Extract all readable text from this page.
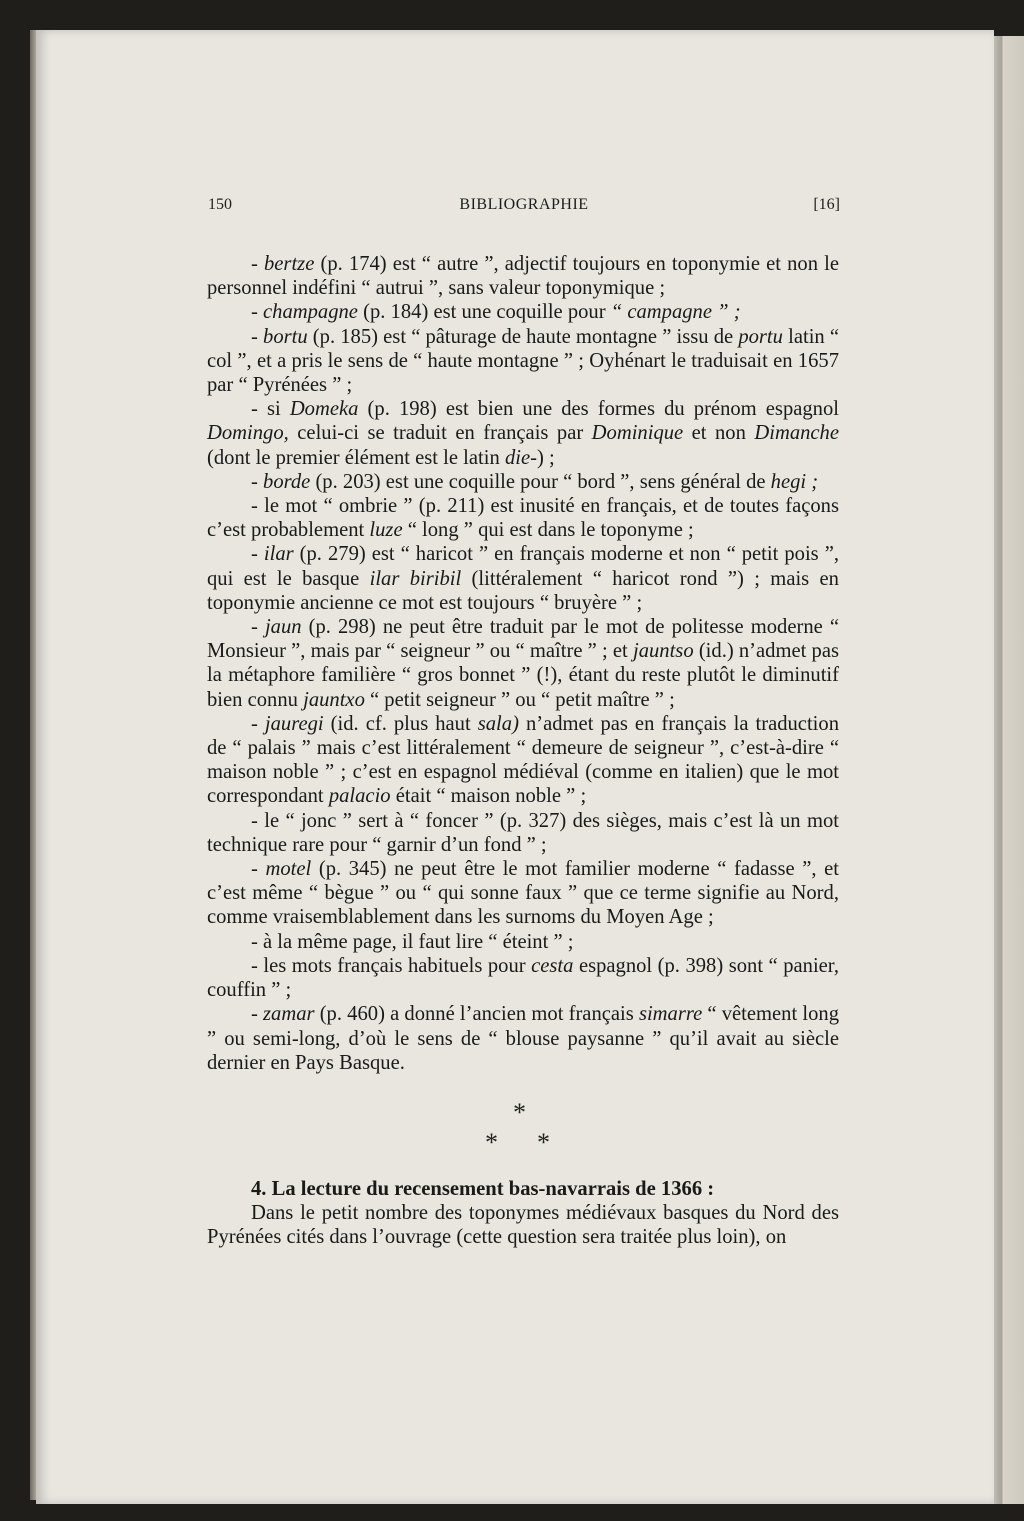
150	BIBLIOGRAPHIE	[16]

- bertze (p. 174) est “ autre ”, adjectif toujours en toponymie et non le personnel indéfini “ autrui ”, sans valeur toponymique ;

- champagne (p. 184) est une coquille pour “ campagne ” ;

- bortu (p. 185) est “ pâturage de haute montagne ” issu de portu latin “ col ”, et a pris le sens de “ haute montagne ” ; Oyhénart le traduisait en 1657 par “ Pyrénées ” ;

- si Domeka (p. 198) est bien une des formes du prénom espagnol Domingo, celui-ci se traduit en français par Dominique et non Dimanche (dont le premier élément est le latin die-) ;

- borde (p. 203) est une coquille pour “ bord ”, sens général de hegi ;

- le mot “ ombrie ” (p. 211) est inusité en français, et de toutes façons c’est probablement luze “ long ” qui est dans le toponyme ;

- ilar (p. 279) est “ haricot ” en français moderne et non “ petit pois ”, qui est le basque ilar biribil (littéralement “ haricot rond ”) ; mais en toponymie ancienne ce mot est toujours “ bruyère ” ;

- jaun (p. 298) ne peut être traduit par le mot de politesse moderne “ Monsieur ”, mais par “ seigneur ” ou “ maître ” ; et jauntso (id.) n’admet pas la métaphore familière “ gros bonnet ” (!), étant du reste plutôt le diminutif bien connu jauntxo “ petit seigneur ” ou “ petit maître ” ;

- jauregi (id. cf. plus haut sala) n’admet pas en français la traduction de “ palais ” mais c’est littéralement “ demeure de seigneur ”, c’est-à-dire “ maison noble ” ; c’est en espagnol médiéval (comme en italien) que le mot correspondant palacio était “ maison noble ” ;

- le “ jonc ” sert à “ foncer ” (p. 327) des sièges, mais c’est là un mot technique rare pour “ garnir d’un fond ” ;

- motel (p. 345) ne peut être le mot familier moderne “ fadasse ”, et c’est même “ bègue ” ou “ qui sonne faux ” que ce terme signifie au Nord, comme vraisemblablement dans les surnoms du Moyen Age ;

- à la même page, il faut lire “ éteint ” ;

- les mots français habituels pour cesta espagnol (p. 398) sont “ panier, couffin ” ;

- zamar (p. 460) a donné l’ancien mot français simarre “ vêtement long ” ou semi-long, d’où le sens de “ blouse paysanne ” qu’il avait au siècle dernier en Pays Basque.

*
* *

4. La lecture du recensement bas-navarrais de 1366 :

Dans le petit nombre des toponymes médiévaux basques du Nord des Pyrénées cités dans l’ouvrage (cette question sera traitée plus loin), on
